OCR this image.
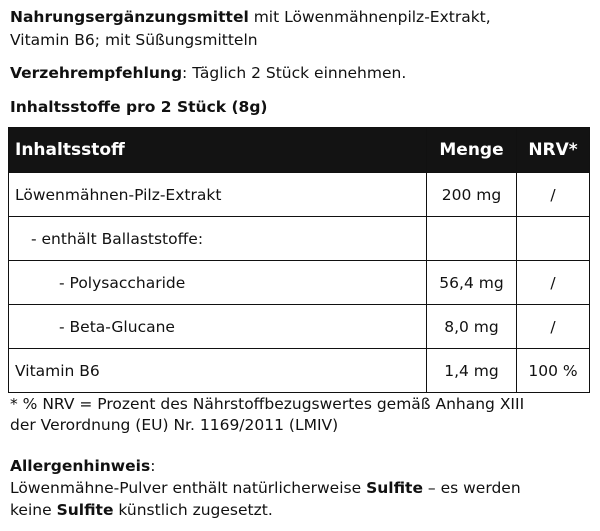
Nahrungsergänzungsmittel mit Löwenmähnenpilz-Extrakt,
Vitamin B6; mit Süßungsmitteln
Verzehrempfehlung: Täglich 2 Stück einnehmen.
Inhaltsstoffe pro 2 Stück (8g)
Inhaltsstoff	Menge	NRV*
Löwenmähnen-Pilz-Extrakt	200 mg	/
- enthält Ballaststoffe:		
- Polysaccharide	56,4 mg	/
- Beta-Glucane	8,0 mg	/
Vitamin B6	1,4 mg	100 %
* % NRV = Prozent des Nährstoffbezugswertes gemäß Anhang XIII
der Verordnung (EU) Nr. 1169/2011 (LMIV)
Allergenhinweis:
Löwenmähne-Pulver enthält natürlicherweise Sulfite – es werden
keine Sulfite künstlich zugesetzt.
